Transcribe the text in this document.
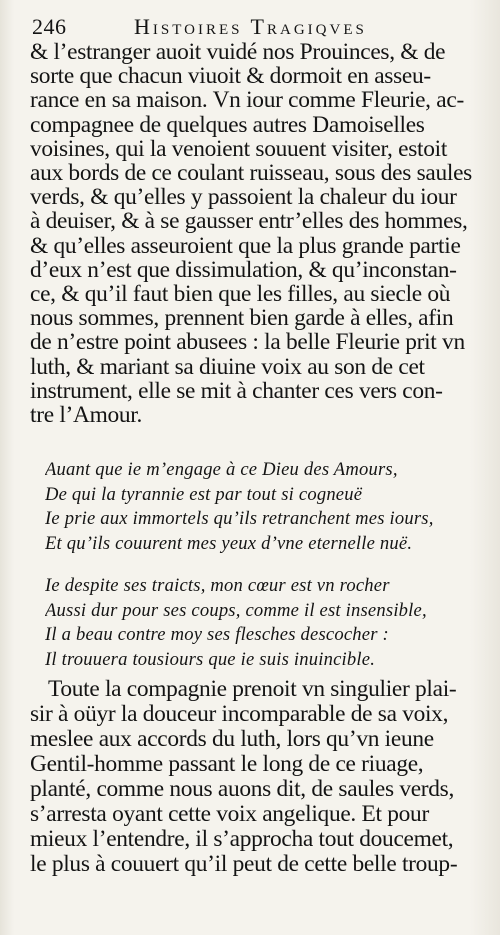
246	Histoires Tragiqves
& l’estranger auoit vuidé nos Prouinces, & de
sorte que chacun viuoit & dormoit en asseu-
rance en sa maison. Vn iour comme Fleurie, ac-
compagnee de quelques autres Damoiselles
voisines, qui la venoient souuent visiter, estoit
aux bords de ce coulant ruisseau, sous des saules
verds, & qu’elles y passoient la chaleur du iour
à deuiser, & à se gausser entr’elles des hommes,
& qu’elles asseuroient que la plus grande partie
d’eux n’est que dissimulation, & qu’inconstan-
ce, & qu’il faut bien que les filles, au siecle où
nous sommes, prennent bien garde à elles, afin
de n’estre point abusees : la belle Fleurie prit vn
luth, & mariant sa diuine voix au son de cet
instrument, elle se mit à chanter ces vers con-
tre l’Amour.
Auant que ie m’engage à ce Dieu des Amours,
De qui la tyrannie est par tout si cogneuë
Ie prie aux immortels qu’ils retranchent mes iours,
Et qu’ils couurent mes yeux d’vne eternelle nuë.
Ie despite ses traicts, mon cœur est vn rocher
Aussi dur pour ses coups, comme il est insensible,
Il a beau contre moy ses flesches descocher :
Il trouuera tousiours que ie suis inuincible.
Toute la compagnie prenoit vn singulier plai-
sir à oüyr la douceur incomparable de sa voix,
meslee aux accords du luth, lors qu’vn ieune
Gentil-homme passant le long de ce riuage,
planté, comme nous auons dit, de saules verds,
s’arresta oyant cette voix angelique. Et pour
mieux l’entendre, il s’approcha tout doucemet,
le plus à couuert qu’il peut de cette belle troup-
